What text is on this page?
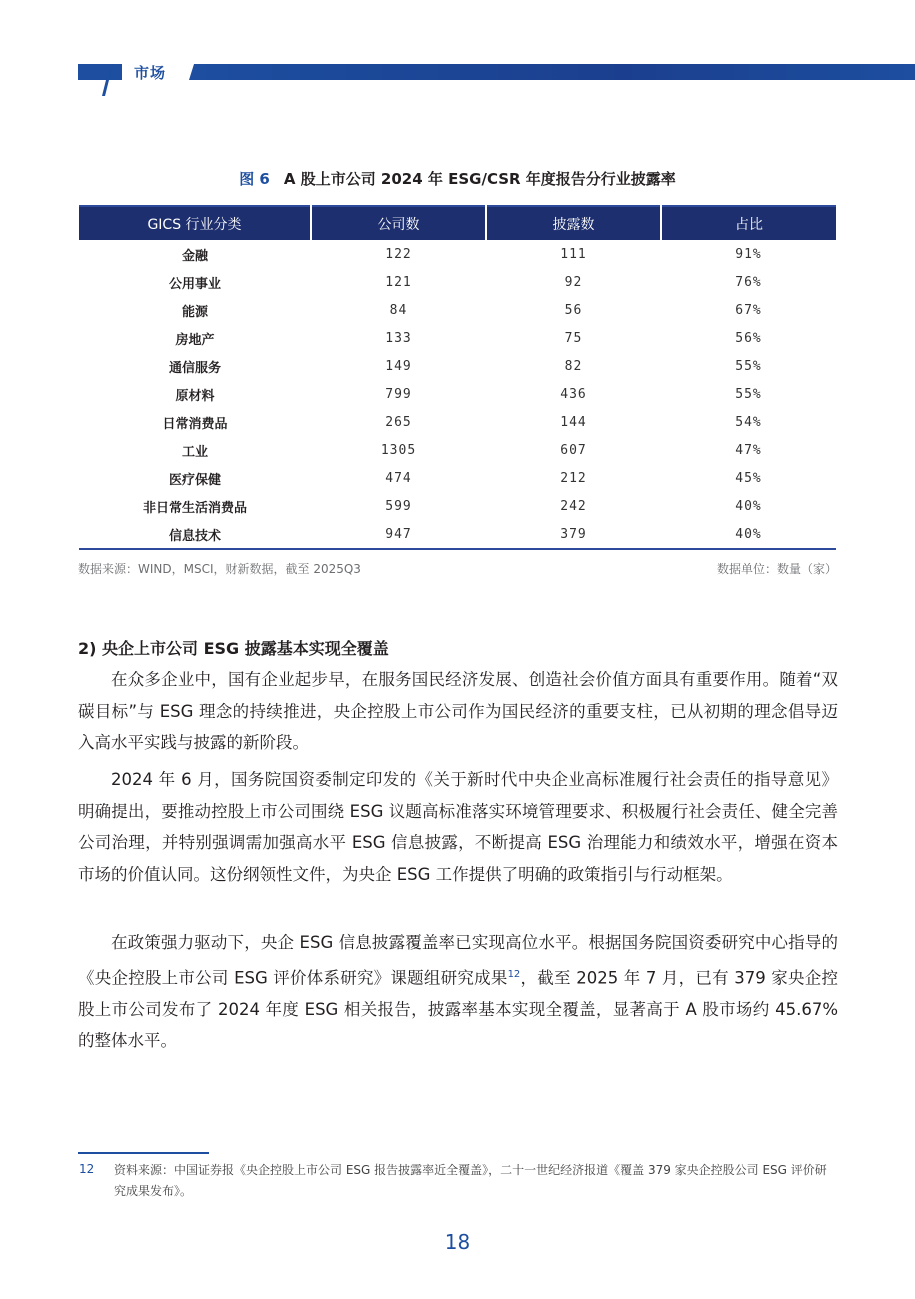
市场
图 6 A 股上市公司 2024 年 ESG/CSR 年度报告分行业披露率
GICS 行业分类	公司数	披露数	占比
金融	122	111	91%
公用事业	121	92	76%
能源	84	56	67%
房地产	133	75	56%
通信服务	149	82	55%
原材料	799	436	55%
日常消费品	265	144	54%
工业	1305	607	47%
医疗保健	474	212	45%
非日常生活消费品	599	242	40%
信息技术	947	379	40%
数据来源：WIND，MSCI，财新数据，截至 2025Q3	数据单位：数量（家）
2) 央企上市公司 ESG 披露基本实现全覆盖

在众多企业中，国有企业起步早，在服务国民经济发展、创造社会价值方面具有重要作用。随着“双碳目标”与 ESG 理念的持续推进，央企控股上市公司作为国民经济的重要支柱，已从初期的理念倡导迈入高水平实践与披露的新阶段。

2024 年 6 月，国务院国资委制定印发的《关于新时代中央企业高标准履行社会责任的指导意见》明确提出，要推动控股上市公司围绕 ESG 议题高标准落实环境管理要求、积极履行社会责任、健全完善公司治理，并特别强调需加强高水平 ESG 信息披露，不断提高 ESG 治理能力和绩效水平，增强在资本市场的价值认同。这份纲领性文件，为央企 ESG 工作提供了明确的政策指引与行动框架。

在政策强力驱动下，央企 ESG 信息披露覆盖率已实现高位水平。根据国务院国资委研究中心指导的《央企控股上市公司 ESG 评价体系研究》课题组研究成果$^{12}$，截至 2025 年 7 月，已有 379 家央企控股上市公司发布了 2024 年度 ESG 相关报告，披露率基本实现全覆盖，显著高于 A 股市场约 45.67% 的整体水平。

12 资料来源：中国证券报《央企控股上市公司 ESG 报告披露率近全覆盖》，二十一世纪经济报道《覆盖 379 家央企控股公司 ESG 评价研究成果发布》。

18
